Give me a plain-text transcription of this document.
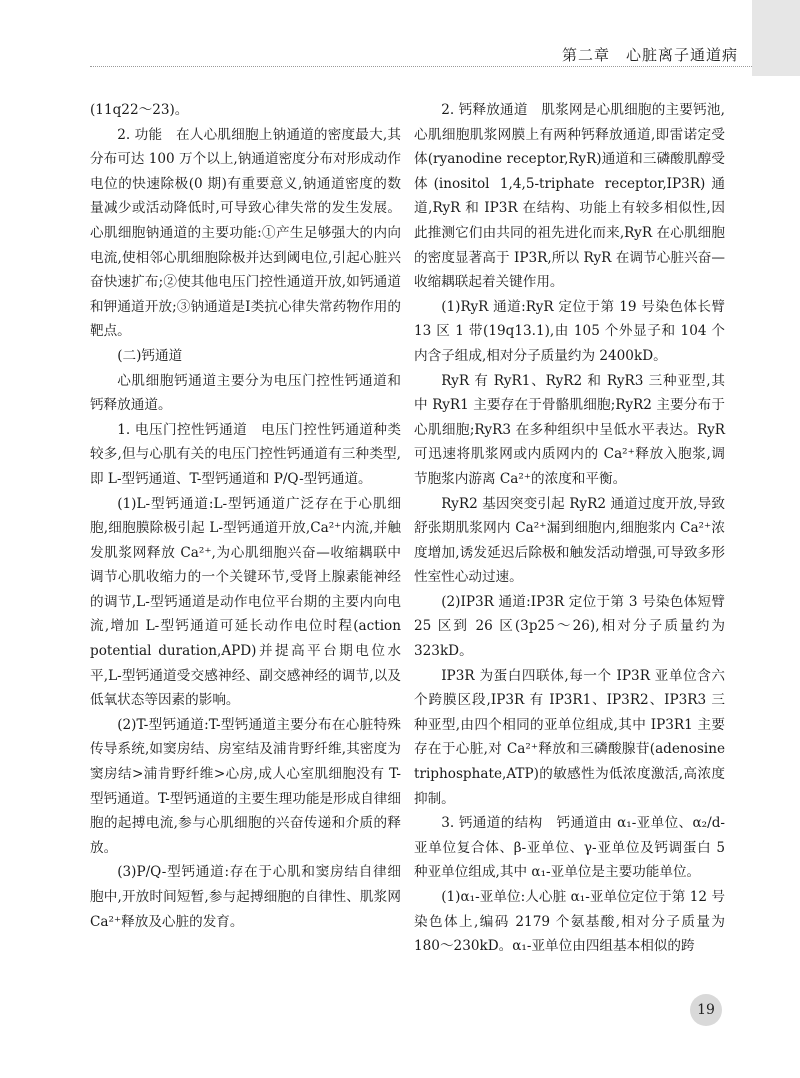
第二章　心脏离子通道病

(11q22～23)。

2. 功能　在人心肌细胞上钠通道的密度最大,其分布可达 100 万个以上,钠通道密度分布对形成动作电位的快速除极(0 期)有重要意义,钠通道密度的数量减少或活动降低时,可导致心律失常的发生发展。心肌细胞钠通道的主要功能:①产生足够强大的内向电流,使相邻心肌细胞除极并达到阈电位,引起心脏兴奋快速扩布;②使其他电压门控性通道开放,如钙通道和钾通道开放;③钠通道是Ⅰ类抗心律失常药物作用的靶点。

(二)钙通道

心肌细胞钙通道主要分为电压门控性钙通道和钙释放通道。

1. 电压门控性钙通道　电压门控性钙通道种类较多,但与心肌有关的电压门控性钙通道有三种类型,即 L-型钙通道、T-型钙通道和 P/Q-型钙通道。

(1)L-型钙通道:L-型钙通道广泛存在于心肌细胞,细胞膜除极引起 L-型钙通道开放,Ca²⁺内流,并触发肌浆网释放 Ca²⁺,为心肌细胞兴奋—收缩耦联中调节心肌收缩力的一个关键环节,受肾上腺素能神经的调节,L-型钙通道是动作电位平台期的主要内向电流,增加 L-型钙通道可延长动作电位时程(action potential duration,APD)并提高平台期电位水平,L-型钙通道受交感神经、副交感神经的调节,以及低氧状态等因素的影响。

(2)T-型钙通道:T-型钙通道主要分布在心脏特殊传导系统,如窦房结、房室结及浦肯野纤维,其密度为窦房结>浦肯野纤维>心房,成人心室肌细胞没有 T-型钙通道。T-型钙通道的主要生理功能是形成自律细胞的起搏电流,参与心肌细胞的兴奋传递和介质的释放。

(3)P/Q-型钙通道:存在于心肌和窦房结自律细胞中,开放时间短暂,参与起搏细胞的自律性、肌浆网 Ca²⁺释放及心脏的发育。

2. 钙释放通道　肌浆网是心肌细胞的主要钙池,心肌细胞肌浆网膜上有两种钙释放通道,即雷诺定受体(ryanodine receptor,RyR)通道和三磷酸肌醇受体(inositol 1,4,5-triphate receptor,IP3R)通道,RyR 和 IP3R 在结构、功能上有较多相似性,因此推测它们由共同的祖先进化而来,RyR 在心肌细胞的密度显著高于 IP3R,所以 RyR 在调节心脏兴奋—收缩耦联起着关键作用。

(1)RyR 通道:RyR 定位于第 19 号染色体长臂 13 区 1 带(19q13.1),由 105 个外显子和 104 个内含子组成,相对分子质量约为 2400kD。

RyR 有 RyR1、RyR2 和 RyR3 三种亚型,其中 RyR1 主要存在于骨骼肌细胞;RyR2 主要分布于心肌细胞;RyR3 在多种组织中呈低水平表达。RyR 可迅速将肌浆网或内质网内的 Ca²⁺释放入胞浆,调节胞浆内游离 Ca²⁺的浓度和平衡。

RyR2 基因突变引起 RyR2 通道过度开放,导致舒张期肌浆网内 Ca²⁺漏到细胞内,细胞浆内 Ca²⁺浓度增加,诱发延迟后除极和触发活动增强,可导致多形性室性心动过速。

(2)IP3R 通道:IP3R 定位于第 3 号染色体短臂 25 区到 26 区(3p25～26),相对分子质量约为 323kD。

IP3R 为蛋白四联体,每一个 IP3R 亚单位含六个跨膜区段,IP3R 有 IP3R1、IP3R2、IP3R3 三种亚型,由四个相同的亚单位组成,其中 IP3R1 主要存在于心脏,对 Ca²⁺释放和三磷酸腺苷(adenosine triphosphate,ATP)的敏感性为低浓度激活,高浓度抑制。

3. 钙通道的结构　钙通道由 α₁-亚单位、α₂/d-亚单位复合体、β-亚单位、γ-亚单位及钙调蛋白 5 种亚单位组成,其中 α₁-亚单位是主要功能单位。

(1)α₁-亚单位:人心脏 α₁-亚单位定位于第 12 号染色体上,编码 2179 个氨基酸,相对分子质量为 180～230kD。α₁-亚单位由四组基本相似的跨

19
